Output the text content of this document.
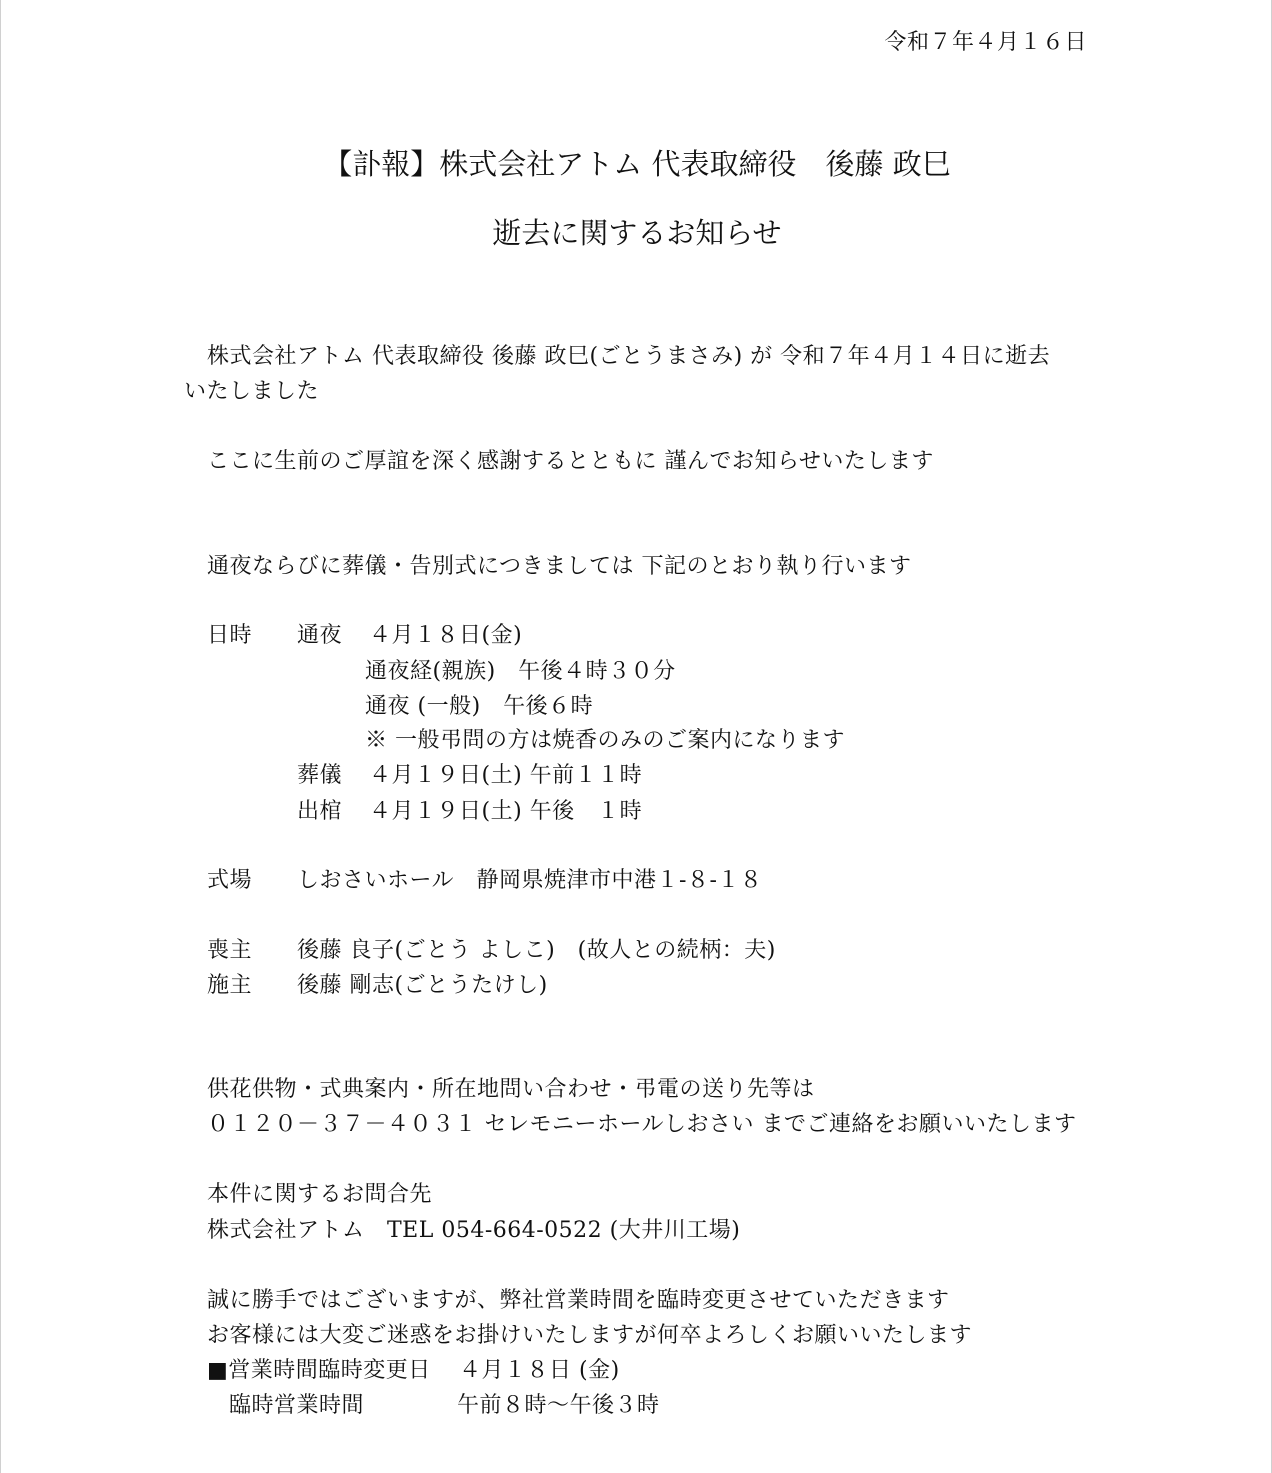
令和７年４月１６日
【訃報】株式会社アトム 代表取締役　後藤 政巳
逝去に関するお知らせ
株式会社アトム 代表取締役 後藤 政巳(ごとうまさみ) が 令和７年４月１４日に逝去
いたしました
ここに生前のご厚誼を深く感謝するとともに 謹んでお知らせいたします
通夜ならびに葬儀・告別式につきましては 下記のとおり執り行います
日時 通夜 ４月１８日(金)
通夜経(親族)　午後４時３０分
通夜 (一般)　午後６時
※ 一般弔問の方は焼香のみのご案内になります
葬儀 ４月１９日(土) 午前１１時
出棺 ４月１９日(土) 午後　１時
式場 しおさいホール　静岡県焼津市中港１-８-１８
喪主 後藤 良子(ごとう よしこ)　(故人との続柄：夫)
施主 後藤 剛志(ごとうたけし)
供花供物・式典案内・所在地問い合わせ・弔電の送り先等は
０１２０－３７－４０３１ セレモニーホールしおさい までご連絡をお願いいたします
本件に関するお問合先
株式会社アトム　TEL 054-664-0522 (大井川工場)
誠に勝手ではございますが、弊社営業時間を臨時変更させていただきます
お客様には大変ご迷惑をお掛けいたしますが何卒よろしくお願いいたします
■営業時間臨時変更日 ４月１８日 (金)
臨時営業時間	午前８時～午後３時
